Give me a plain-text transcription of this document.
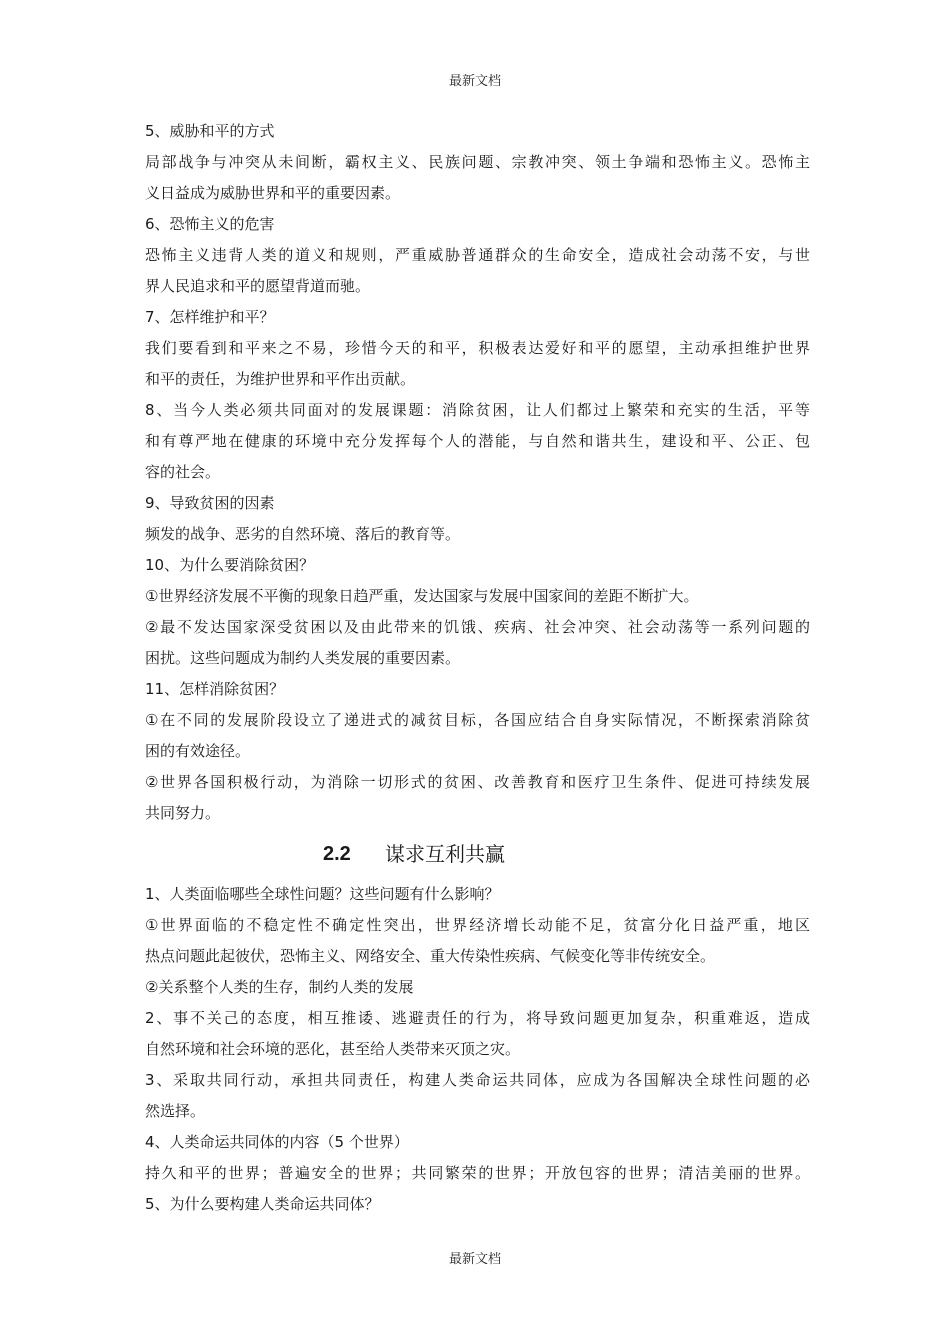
最新文档
5、威胁和平的方式
局部战争与冲突从未间断，霸权主义、民族问题、宗教冲突、领土争端和恐怖主义。恐怖主
义日益成为威胁世界和平的重要因素。
6、恐怖主义的危害
恐怖主义违背人类的道义和规则，严重威胁普通群众的生命安全，造成社会动荡不安，与世
界人民追求和平的愿望背道而驰。
7、怎样维护和平？
我们要看到和平来之不易，珍惜今天的和平，积极表达爱好和平的愿望，主动承担维护世界
和平的责任，为维护世界和平作出贡献。
8、当今人类必须共同面对的发展课题：消除贫困，让人们都过上繁荣和充实的生活，平等
和有尊严地在健康的环境中充分发挥每个人的潜能，与自然和谐共生，建设和平、公正、包
容的社会。
9、导致贫困的因素
频发的战争、恶劣的自然环境、落后的教育等。
10、为什么要消除贫困？
①世界经济发展不平衡的现象日趋严重，发达国家与发展中国家间的差距不断扩大。
②最不发达国家深受贫困以及由此带来的饥饿、疾病、社会冲突、社会动荡等一系列问题的
困扰。这些问题成为制约人类发展的重要因素。
11、怎样消除贫困？
①在不同的发展阶段设立了递进式的减贫目标，各国应结合自身实际情况，不断探索消除贫
困的有效途径。
②世界各国积极行动，为消除一切形式的贫困、改善教育和医疗卫生条件、促进可持续发展
共同努力。
2.2 谋求互利共赢
1、人类面临哪些全球性问题？这些问题有什么影响？
①世界面临的不稳定性不确定性突出，世界经济增长动能不足，贫富分化日益严重，地区
热点问题此起彼伏，恐怖主义、网络安全、重大传染性疾病、气候变化等非传统安全。
②关系整个人类的生存，制约人类的发展
2、事不关己的态度，相互推诿、逃避责任的行为，将导致问题更加复杂，积重难返，造成
自然环境和社会环境的恶化，甚至给人类带来灭顶之灾。
3、采取共同行动，承担共同责任，构建人类命运共同体，应成为各国解决全球性问题的必
然选择。
4、人类命运共同体的内容（5 个世界）
持久和平的世界；普遍安全的世界；共同繁荣的世界；开放包容的世界；清洁美丽的世界。
5、为什么要构建人类命运共同体？
最新文档
